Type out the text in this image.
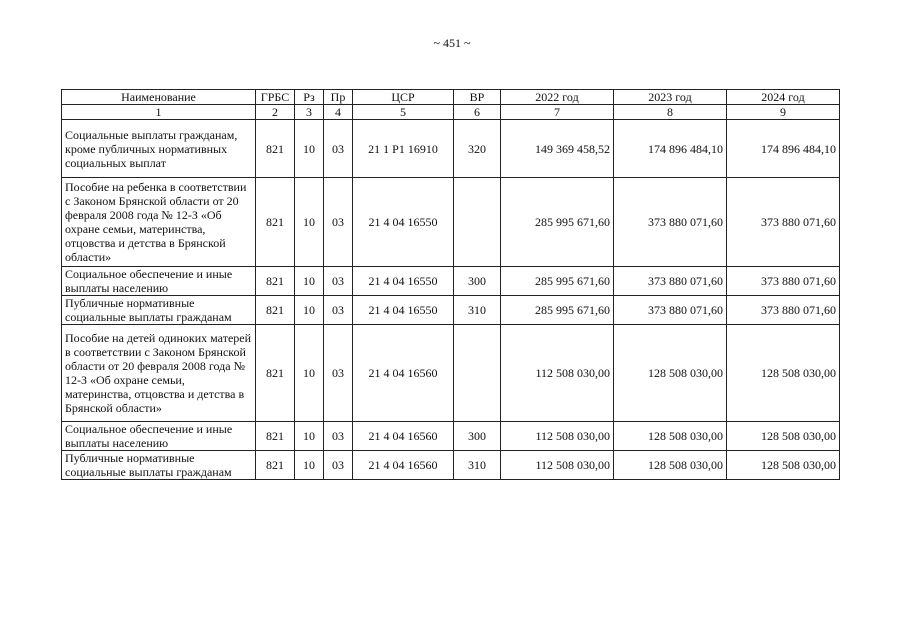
~ 451 ~
Наименование	ГРБС	Рз	Пр	ЦСР	ВР	2022 год	2023 год	2024 год
1	2	3	4	5	6	7	8	9
Социальные выплаты гражданам, кроме публичных нормативных социальных выплат	821	10	03	21 1 Р1 16910	320	149 369 458,52	174 896 484,10	174 896 484,10
Пособие на ребенка в соответствии с Законом Брянской области от 20 февраля 2008 года № 12-З «Об охране семьи, материнства, отцовства и детства в Брянской области»	821	10	03	21 4 04 16550		285 995 671,60	373 880 071,60	373 880 071,60
Социальное обеспечение и иные выплаты населению	821	10	03	21 4 04 16550	300	285 995 671,60	373 880 071,60	373 880 071,60
Публичные нормативные социальные выплаты гражданам	821	10	03	21 4 04 16550	310	285 995 671,60	373 880 071,60	373 880 071,60
Пособие на детей одиноких матерей в соответствии с Законом Брянской области от 20 февраля 2008 года № 12-З «Об охране семьи, материнства, отцовства и детства в Брянской области»	821	10	03	21 4 04 16560		112 508 030,00	128 508 030,00	128 508 030,00
Социальное обеспечение и иные выплаты населению	821	10	03	21 4 04 16560	300	112 508 030,00	128 508 030,00	128 508 030,00
Публичные нормативные социальные выплаты гражданам	821	10	03	21 4 04 16560	310	112 508 030,00	128 508 030,00	128 508 030,00
